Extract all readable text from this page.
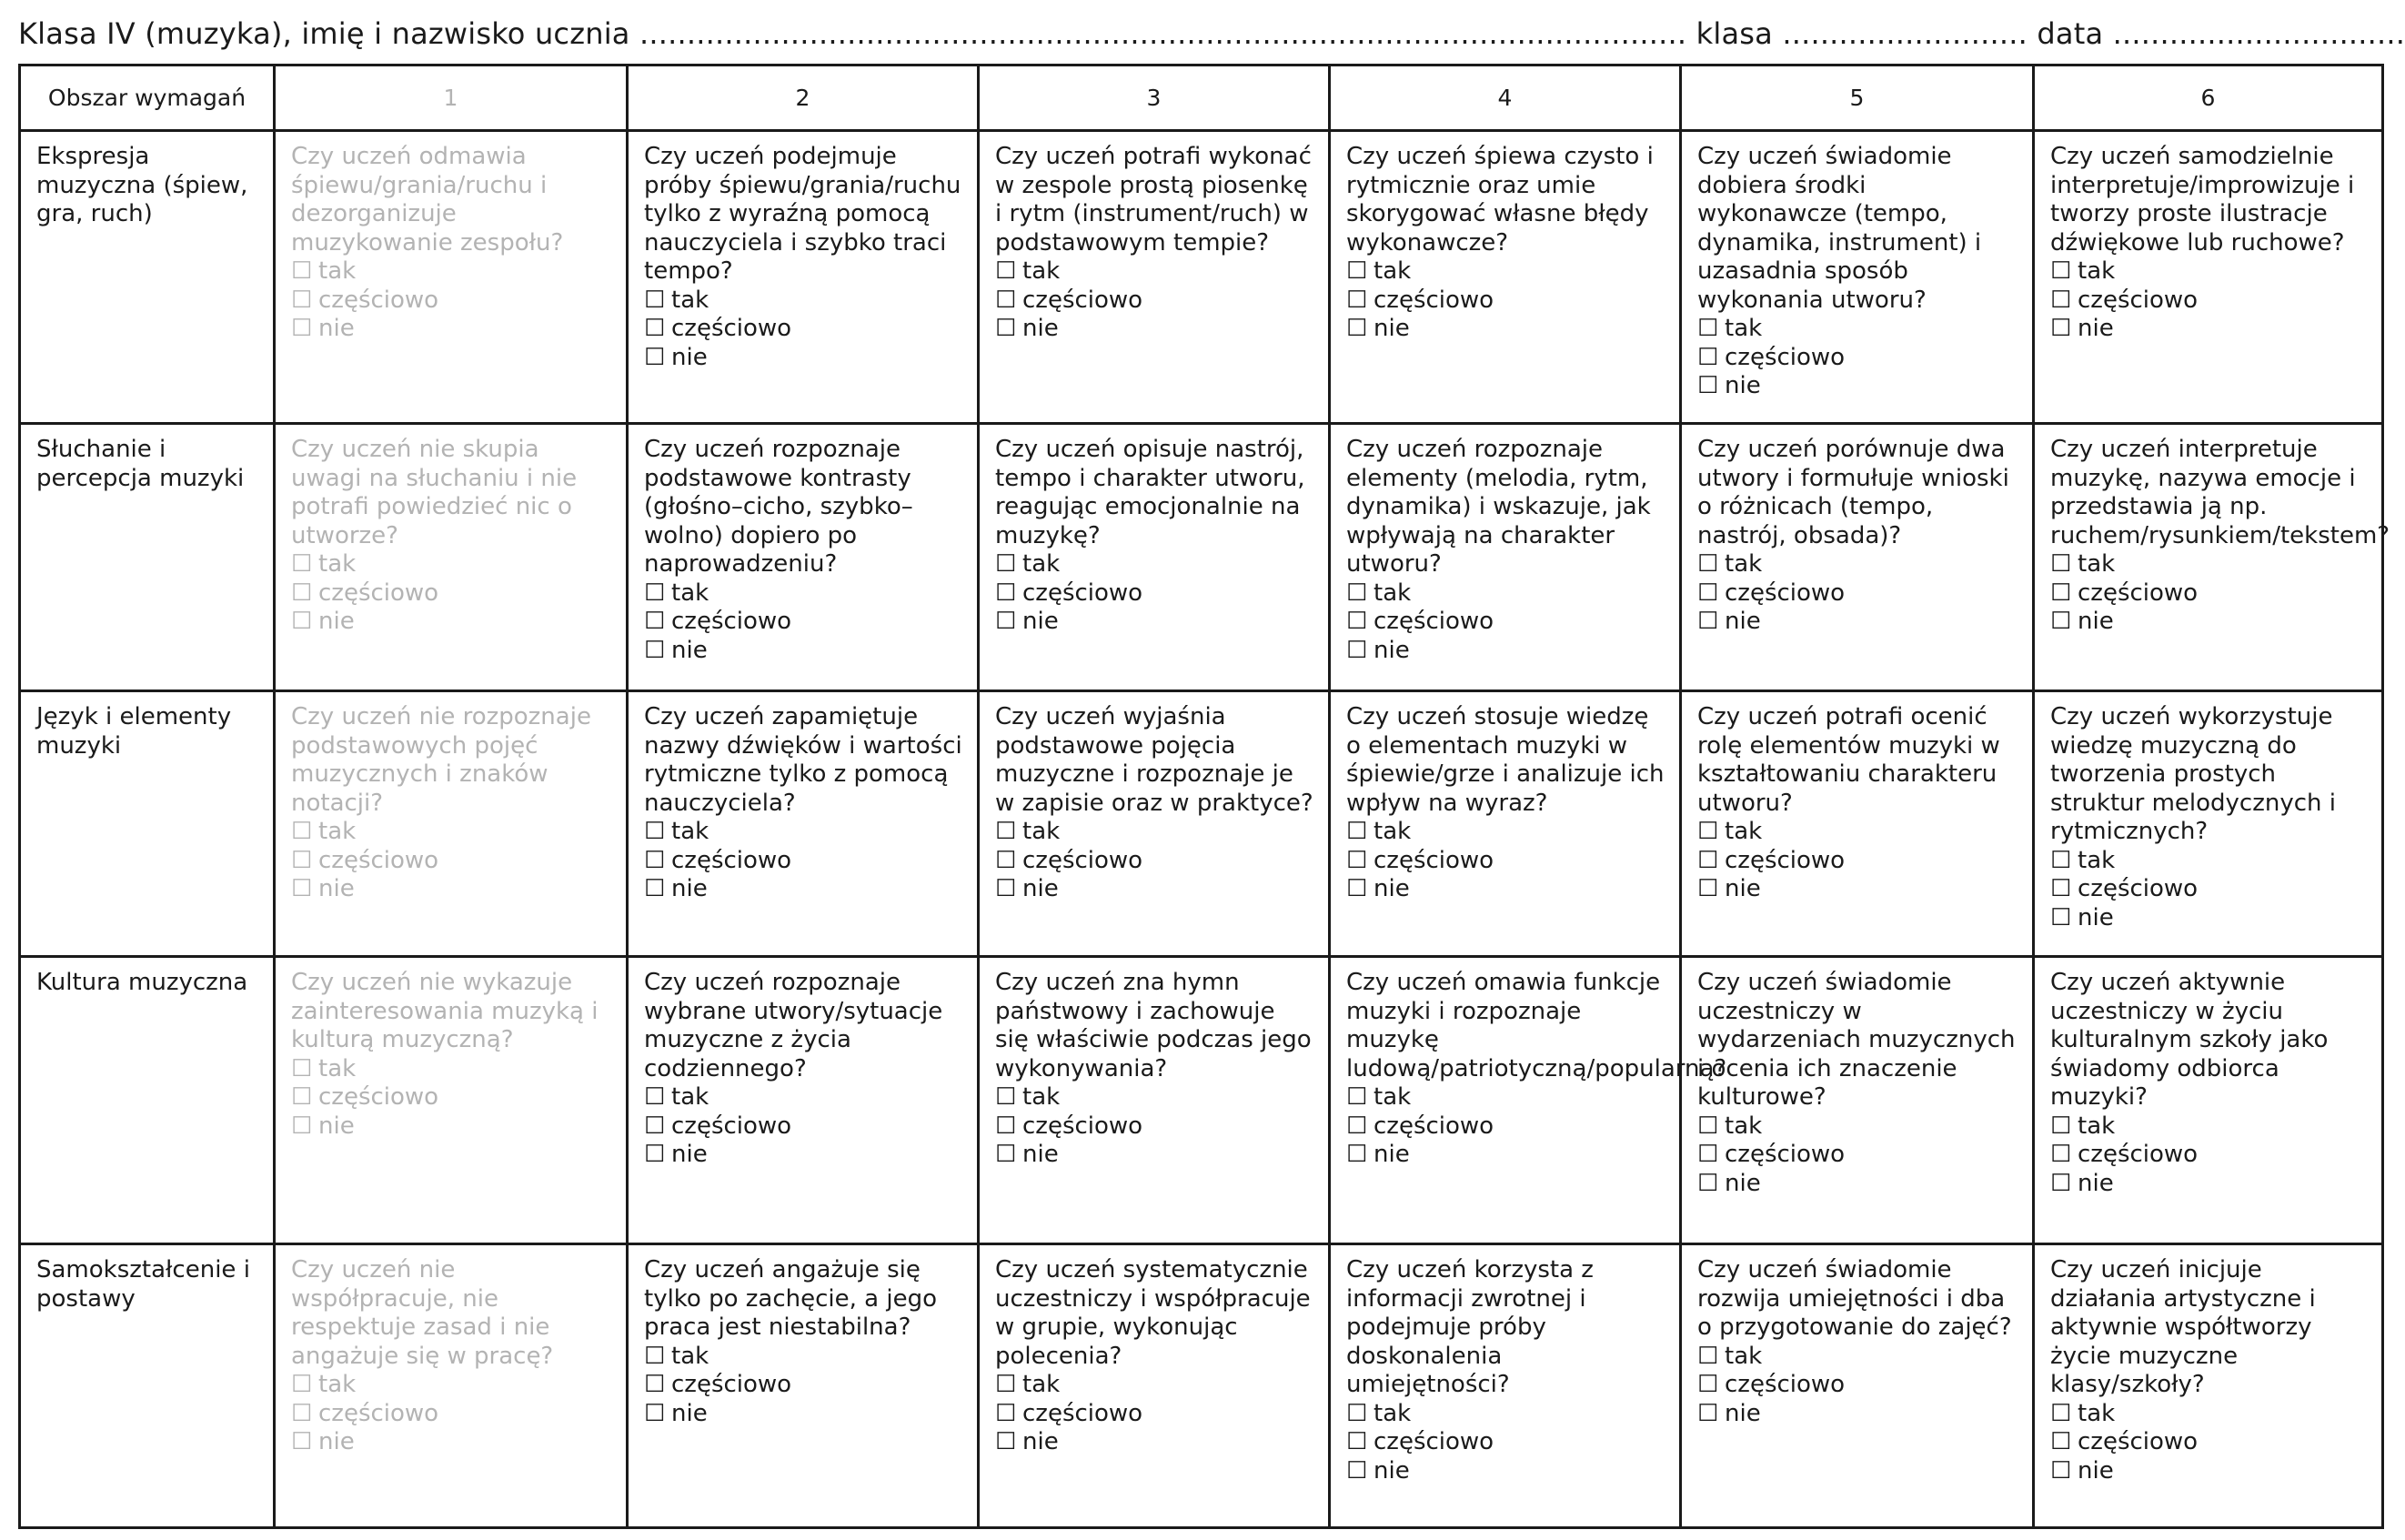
Klasa IV (muzyka), imię i nazwisko ucznia ............................................................................................................... klasa .......................... data ...............................
Obszar wymagań	1	2	3	4	5	6
Ekspresja muzyczna (śpiew, gra, ruch)	Czy uczeń odmawia śpiewu/grania/ruchu i dezorganizuje muzykowanie zespołu?
☐ tak
☐ częściowo
☐ nie	Czy uczeń podejmuje próby śpiewu/grania/ruchu tylko z wyraźną pomocą nauczyciela i szybko traci tempo?
☐ tak
☐ częściowo
☐ nie	Czy uczeń potrafi wykonać w zespole prostą piosenkę i rytm (instrument/ruch) w podstawowym tempie?
☐ tak
☐ częściowo
☐ nie	Czy uczeń śpiewa czysto i rytmicznie oraz umie skorygować własne błędy wykonawcze?
☐ tak
☐ częściowo
☐ nie	Czy uczeń świadomie dobiera środki wykonawcze (tempo, dynamika, instrument) i uzasadnia sposób wykonania utworu?
☐ tak
☐ częściowo
☐ nie	Czy uczeń samodzielnie interpretuje/improwizuje i tworzy proste ilustracje dźwiękowe lub ruchowe?
☐ tak
☐ częściowo
☐ nie

Słuchanie i percepcja muzyki	Czy uczeń nie skupia uwagi na słuchaniu i nie potrafi powiedzieć nic o utworze?
☐ tak
☐ częściowo
☐ nie	Czy uczeń rozpoznaje podstawowe kontrasty (głośno–cicho, szybko–wolno) dopiero po naprowadzeniu?
☐ tak
☐ częściowo
☐ nie	Czy uczeń opisuje nastrój, tempo i charakter utworu, reagując emocjonalnie na muzykę?
☐ tak
☐ częściowo
☐ nie	Czy uczeń rozpoznaje elementy (melodia, rytm, dynamika) i wskazuje, jak wpływają na charakter utworu?
☐ tak
☐ częściowo
☐ nie	Czy uczeń porównuje dwa utwory i formułuje wnioski o różnicach (tempo, nastrój, obsada)?
☐ tak
☐ częściowo
☐ nie	Czy uczeń interpretuje muzykę, nazywa emocje i przedstawia ją np. ruchem/rysunkiem/tekstem?
☐ tak
☐ częściowo
☐ nie

Język i elementy muzyki	Czy uczeń nie rozpoznaje podstawowych pojęć muzycznych i znaków notacji?
☐ tak
☐ częściowo
☐ nie	Czy uczeń zapamiętuje nazwy dźwięków i wartości rytmiczne tylko z pomocą nauczyciela?
☐ tak
☐ częściowo
☐ nie	Czy uczeń wyjaśnia podstawowe pojęcia muzyczne i rozpoznaje je w zapisie oraz w praktyce?
☐ tak
☐ częściowo
☐ nie	Czy uczeń stosuje wiedzę o elementach muzyki w śpiewie/grze i analizuje ich wpływ na wyraz?
☐ tak
☐ częściowo
☐ nie	Czy uczeń potrafi ocenić rolę elementów muzyki w kształtowaniu charakteru utworu?
☐ tak
☐ częściowo
☐ nie	Czy uczeń wykorzystuje wiedzę muzyczną do tworzenia prostych struktur melodycznych i rytmicznych?
☐ tak
☐ częściowo
☐ nie

Kultura muzyczna	Czy uczeń nie wykazuje zainteresowania muzyką i kulturą muzyczną?
☐ tak
☐ częściowo
☐ nie	Czy uczeń rozpoznaje wybrane utwory/sytuacje muzyczne z życia codziennego?
☐ tak
☐ częściowo
☐ nie	Czy uczeń zna hymn państwowy i zachowuje się właściwie podczas jego wykonywania?
☐ tak
☐ częściowo
☐ nie	Czy uczeń omawia funkcje muzyki i rozpoznaje muzykę ludową/patriotyczną/popularną?
☐ tak
☐ częściowo
☐ nie	Czy uczeń świadomie uczestniczy w wydarzeniach muzycznych i ocenia ich znaczenie kulturowe?
☐ tak
☐ częściowo
☐ nie	Czy uczeń aktywnie uczestniczy w życiu kulturalnym szkoły jako świadomy odbiorca muzyki?
☐ tak
☐ częściowo
☐ nie

Samokształcenie i postawy	Czy uczeń nie współpracuje, nie respektuje zasad i nie angażuje się w pracę?
☐ tak
☐ częściowo
☐ nie	Czy uczeń angażuje się tylko po zachęcie, a jego praca jest niestabilna?
☐ tak
☐ częściowo
☐ nie	Czy uczeń systematycznie uczestniczy i współpracuje w grupie, wykonując polecenia?
☐ tak
☐ częściowo
☐ nie	Czy uczeń korzysta z informacji zwrotnej i podejmuje próby doskonalenia umiejętności?
☐ tak
☐ częściowo
☐ nie	Czy uczeń świadomie rozwija umiejętności i dba o przygotowanie do zajęć?
☐ tak
☐ częściowo
☐ nie	Czy uczeń inicjuje działania artystyczne i aktywnie współtworzy życie muzyczne klasy/szkoły?
☐ tak
☐ częściowo
☐ nie
